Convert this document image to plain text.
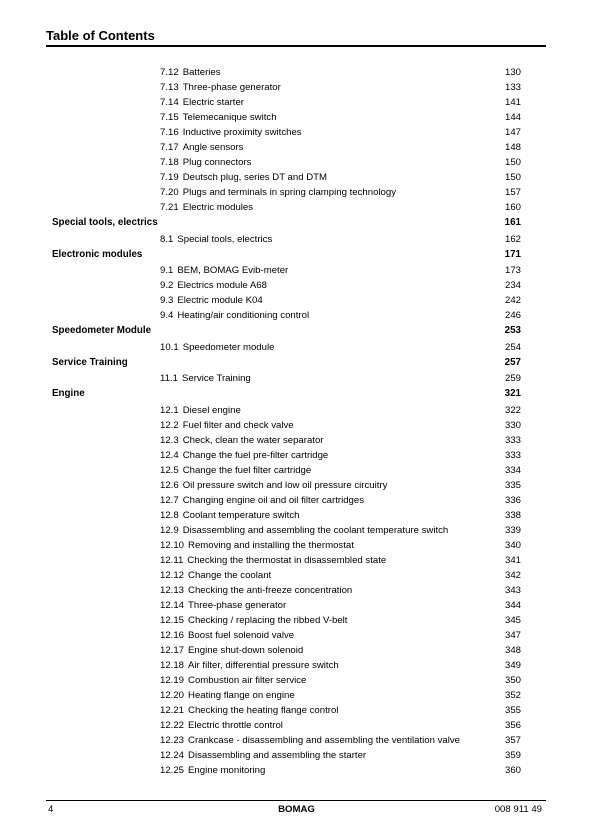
Table of Contents
7.12 Batteries	130
7.13 Three-phase generator	133
7.14 Electric starter	141
7.15 Telemecanique switch	144
7.16 Inductive proximity switches	147
7.17 Angle sensors	148
7.18 Plug connectors	150
7.19 Deutsch plug, series DT and DTM	150
7.20 Plugs and terminals in spring clamping technology	157
7.21 Electric modules	160
Special tools, electrics	161
8.1 Special tools, electrics	162
Electronic modules	171
9.1 BEM, BOMAG Evib-meter	173
9.2 Electrics module A68	234
9.3 Electric module K04	242
9.4 Heating/air conditioning control	246
Speedometer Module	253
10.1 Speedometer module	254
Service Training	257
11.1 Service Training	259
Engine	321
12.1 Diesel engine	322
12.2 Fuel filter and check valve	330
12.3 Check, clean the water separator	333
12.4 Change the fuel pre-filter cartridge	333
12.5 Change the fuel filter cartridge	334
12.6 Oil pressure switch and low oil pressure circuitry	335
12.7 Changing engine oil and oil filter cartridges	336
12.8 Coolant temperature switch	338
12.9 Disassembling and assembling the coolant temperature switch	339
12.10 Removing and installing the thermostat	340
12.11 Checking the thermostat in disassembled state	341
12.12 Change the coolant	342
12.13 Checking the anti-freeze concentration	343
12.14 Three-phase generator	344
12.15 Checking / replacing the ribbed V-belt	345
12.16 Boost fuel solenoid valve	347
12.17 Engine shut-down solenoid	348
12.18 Air filter, differential pressure switch	349
12.19 Combustion air filter service	350
12.20 Heating flange on engine	352
12.21 Checking the heating flange control	355
12.22 Electric throttle control	356
12.23 Crankcase - disassembling and assembling the ventilation valve	357
12.24 Disassembling and assembling the starter	359
12.25 Engine monitoring	360
4	BOMAG	008 911 49
